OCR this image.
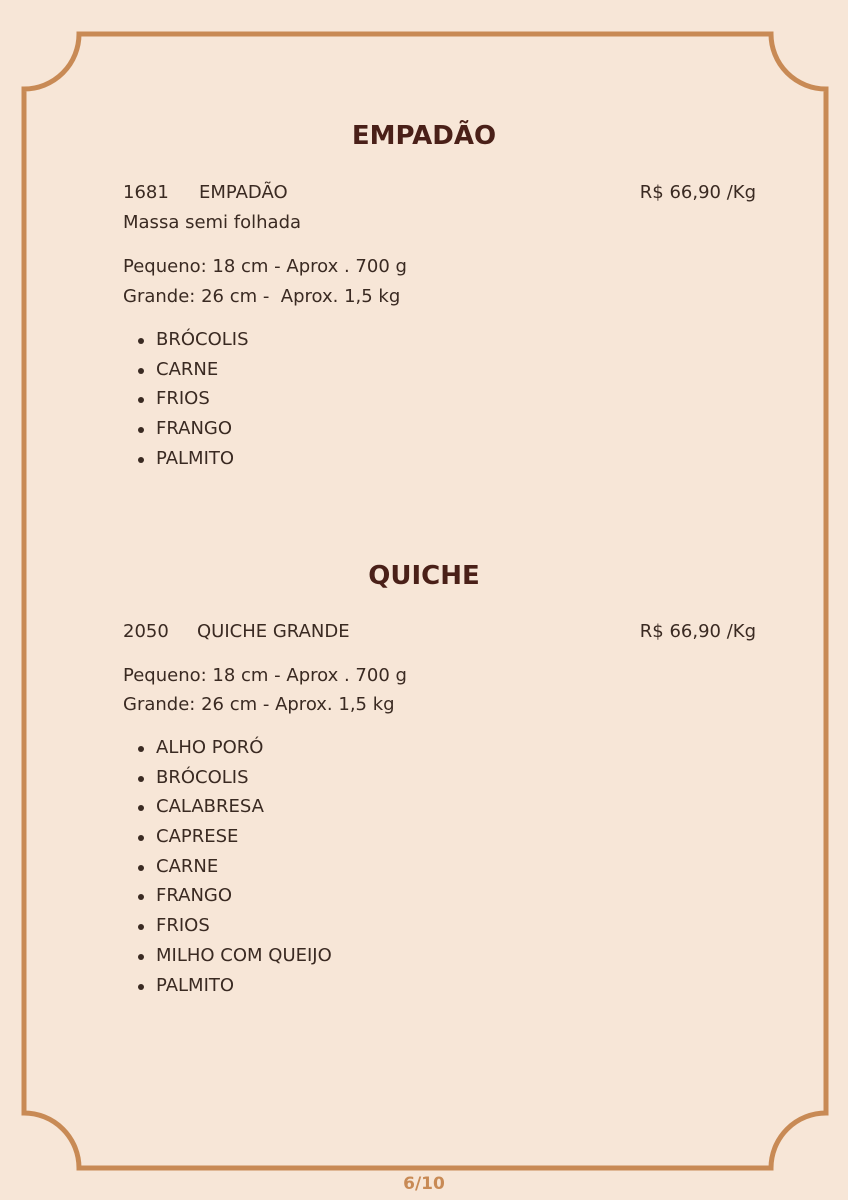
EMPADÃO
1681 EMPADÃO	R$ 66,90 /Kg
Massa semi folhada
Pequeno: 18 cm - Aprox . 700 g
Grande: 26 cm -  Aprox. 1,5 kg
BRÓCOLIS
CARNE
FRIOS
FRANGO
PALMITO
QUICHE
2050 QUICHE GRANDE	R$ 66,90 /Kg
Pequeno: 18 cm - Aprox . 700 g
Grande: 26 cm - Aprox. 1,5 kg
ALHO PORÓ
BRÓCOLIS
CALABRESA
CAPRESE
CARNE
FRANGO
FRIOS
MILHO COM QUEIJO
PALMITO
6/10
